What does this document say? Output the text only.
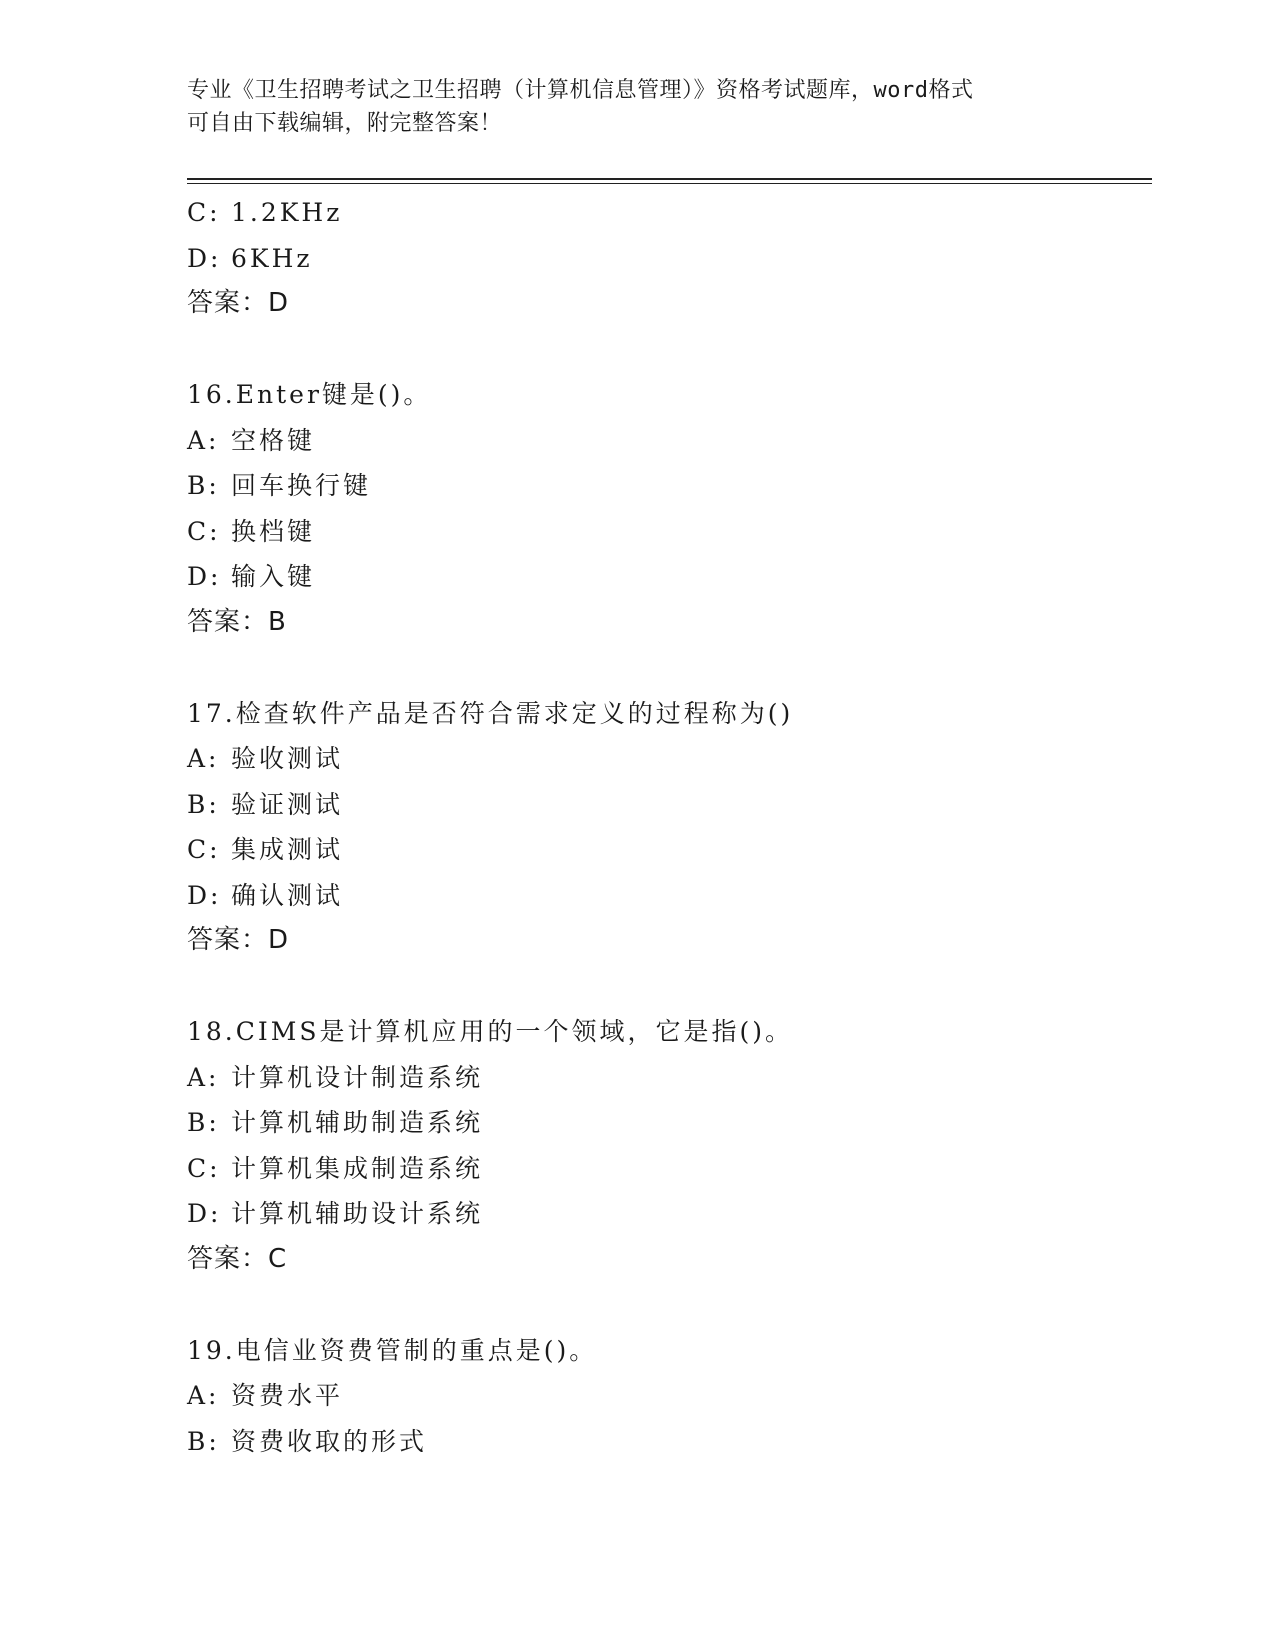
专业《卫生招聘考试之卫生招聘（计算机信息管理）》资格考试题库，word格式
可自由下载编辑，附完整答案！
C: 1.2KHz
D: 6KHz
答案：D
16.Enter键是()。
A: 空格键
B: 回车换行键
C: 换档键
D: 输入键
答案：B
17.检查软件产品是否符合需求定义的过程称为()
A: 验收测试
B: 验证测试
C: 集成测试
D: 确认测试
答案：D
18.CIMS是计算机应用的一个领域，它是指()。
A: 计算机设计制造系统
B: 计算机辅助制造系统
C: 计算机集成制造系统
D: 计算机辅助设计系统
答案：C
19.电信业资费管制的重点是()。
A: 资费水平
B: 资费收取的形式
